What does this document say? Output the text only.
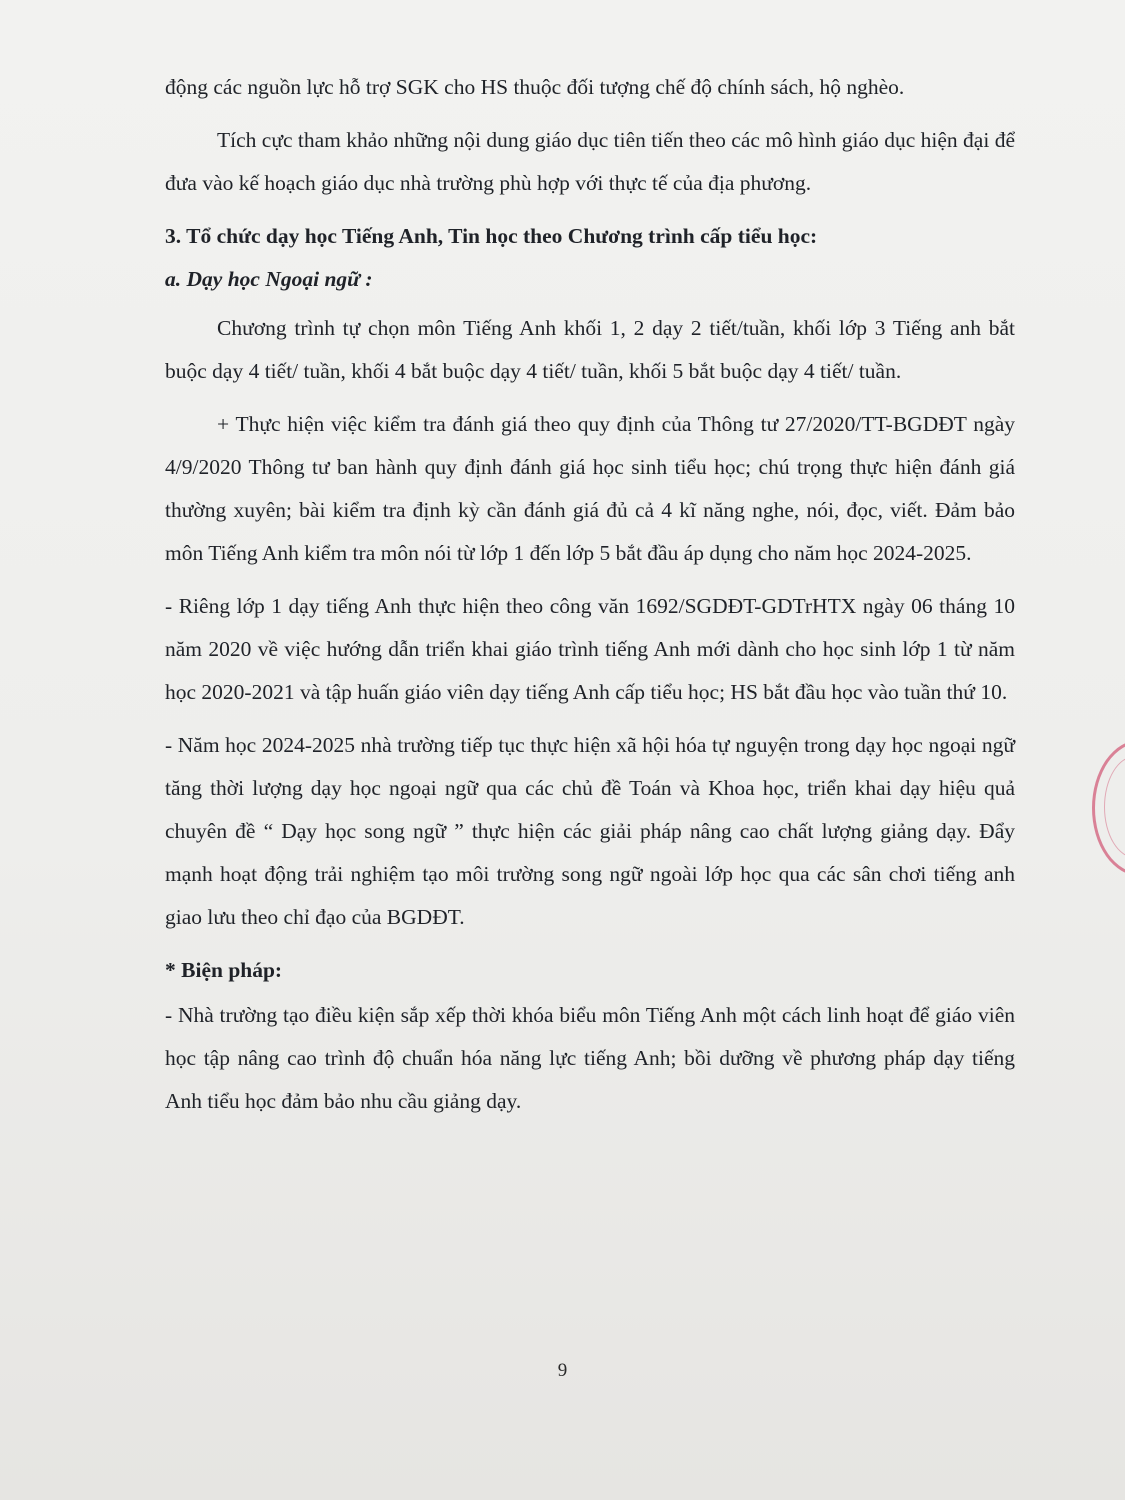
động các nguồn lực hỗ trợ SGK cho HS thuộc đối tượng chế độ chính sách, hộ nghèo.

Tích cực tham khảo những nội dung giáo dục tiên tiến theo các mô hình giáo dục hiện đại để đưa vào kế hoạch giáo dục nhà trường phù hợp với thực tế của địa phương.

3. Tổ chức dạy học Tiếng Anh, Tin học theo Chương trình cấp tiểu học:

a. Dạy học Ngoại ngữ :

Chương trình tự chọn môn Tiếng Anh khối 1, 2 dạy 2 tiết/tuần, khối lớp 3 Tiếng anh bắt buộc dạy 4 tiết/ tuần, khối 4 bắt buộc dạy 4 tiết/ tuần, khối 5 bắt buộc dạy 4 tiết/ tuần.

+ Thực hiện việc kiểm tra đánh giá theo quy định của Thông tư 27/2020/TT-BGDĐT ngày 4/9/2020 Thông tư ban hành quy định đánh giá học sinh tiểu học; chú trọng thực hiện đánh giá thường xuyên; bài kiểm tra định kỳ cần đánh giá đủ cả 4 kĩ năng nghe, nói, đọc, viết. Đảm bảo môn Tiếng Anh kiểm tra môn nói từ lớp 1 đến lớp 5 bắt đầu áp dụng cho năm học 2024-2025.

- Riêng lớp 1 dạy tiếng Anh thực hiện theo công văn 1692/SGDĐT-GDTrHTX ngày 06 tháng 10 năm 2020 về việc hướng dẫn triển khai giáo trình tiếng Anh mới dành cho học sinh lớp 1 từ năm học 2020-2021 và tập huấn giáo viên dạy tiếng Anh cấp tiểu học; HS bắt đầu học vào tuần thứ 10.

- Năm học 2024-2025 nhà trường tiếp tục thực hiện xã hội hóa tự nguyện trong dạy học ngoại ngữ tăng thời lượng dạy học ngoại ngữ qua các chủ đề Toán và Khoa học, triển khai dạy hiệu quả chuyên đề “ Dạy học song ngữ ” thực hiện các giải pháp nâng cao chất lượng giảng dạy. Đẩy mạnh hoạt động trải nghiệm tạo môi trường song ngữ ngoài lớp học qua các sân chơi tiếng anh giao lưu theo chỉ đạo của BGDĐT.

* Biện pháp:

- Nhà trường tạo điều kiện sắp xếp thời khóa biểu môn Tiếng Anh một cách linh hoạt để giáo viên học tập nâng cao trình độ chuẩn hóa năng lực tiếng Anh; bồi dưỡng về phương pháp dạy tiếng Anh tiểu học đảm bảo nhu cầu giảng dạy.

9
